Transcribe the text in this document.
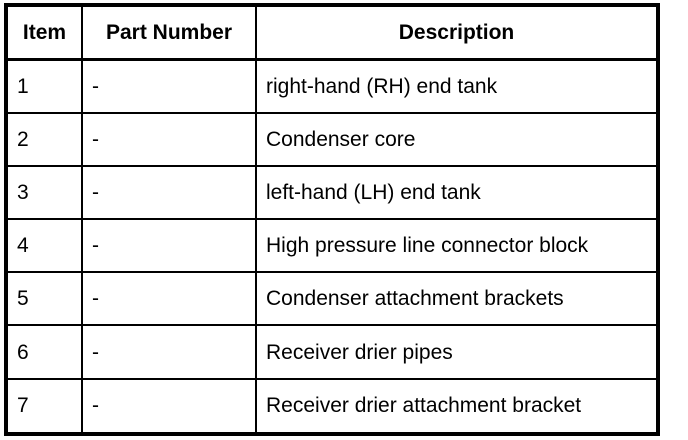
Item	Part Number	Description
1	-	right-hand (RH) end tank
2	-	Condenser core
3	-	left-hand (LH) end tank
4	-	High pressure line connector block
5	-	Condenser attachment brackets
6	-	Receiver drier pipes
7	-	Receiver drier attachment bracket
